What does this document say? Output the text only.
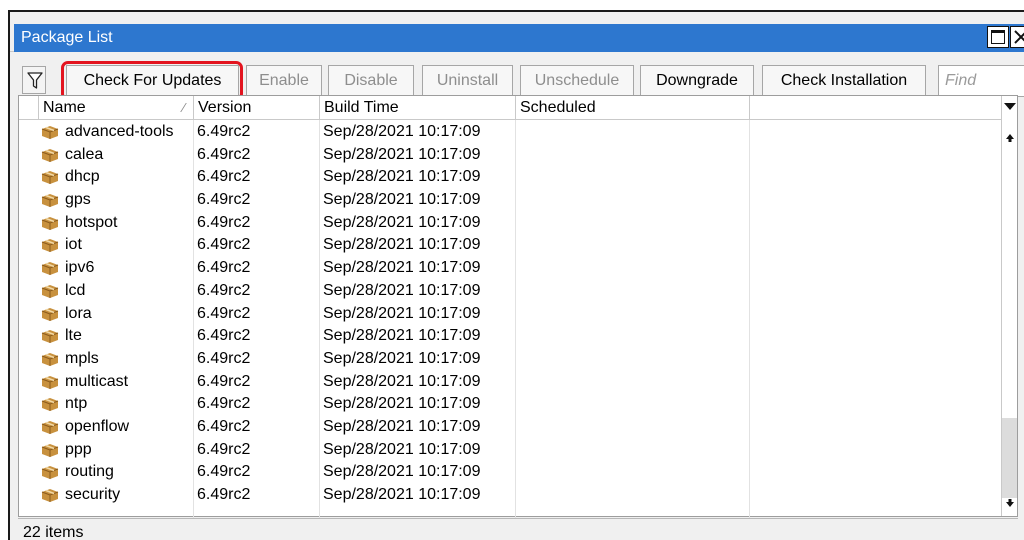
Package List
Check For Updates	Enable	Disable	Uninstall	Unschedule	Downgrade	Check Installation
Find
Name	∕ Version	Build Time	Scheduled
advanced-tools 6.49rc2	Sep/28/2021 10:17:09
calea	6.49rc2	Sep/28/2021 10:17:09
dhcp	6.49rc2	Sep/28/2021 10:17:09
gps	6.49rc2	Sep/28/2021 10:17:09
hotspot	6.49rc2	Sep/28/2021 10:17:09
iot	6.49rc2	Sep/28/2021 10:17:09
ipv6	6.49rc2	Sep/28/2021 10:17:09
lcd	6.49rc2	Sep/28/2021 10:17:09
lora	6.49rc2	Sep/28/2021 10:17:09
lte	6.49rc2	Sep/28/2021 10:17:09
mpls	6.49rc2	Sep/28/2021 10:17:09
multicast	6.49rc2	Sep/28/2021 10:17:09
ntp	6.49rc2	Sep/28/2021 10:17:09
openflow	6.49rc2	Sep/28/2021 10:17:09
ppp	6.49rc2	Sep/28/2021 10:17:09
routing	6.49rc2	Sep/28/2021 10:17:09
security	6.49rc2	Sep/28/2021 10:17:09
22 items
